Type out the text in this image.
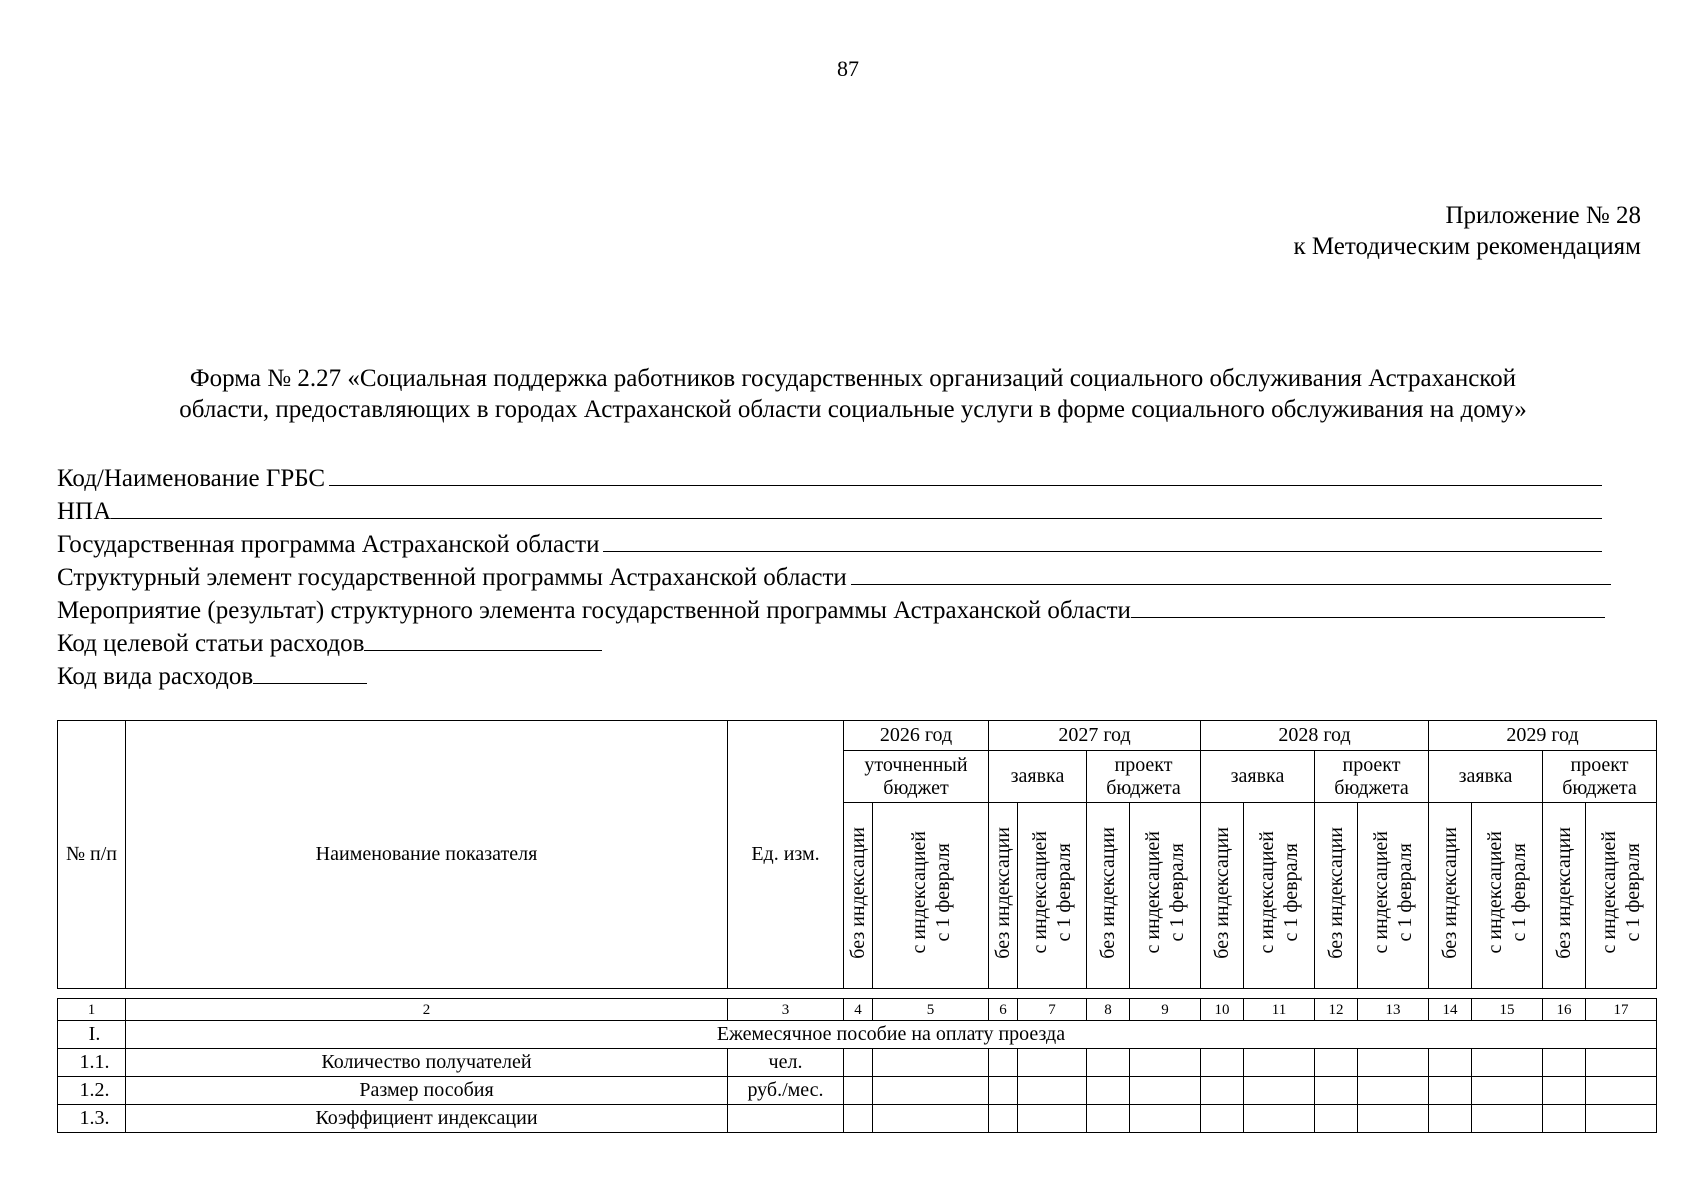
87
Приложение № 28
к Методическим рекомендациям
Форма № 2.27 «Социальная поддержка работников государственных организаций социального обслуживания Астраханской
области, предоставляющих в городах Астраханской области социальные услуги в форме социального обслуживания на дому»
Код/Наименование ГРБС
НПА
Государственная программа Астраханской области
Структурный элемент государственной программы Астраханской области
Мероприятие (результат) структурного элемента государственной программы Астраханской области
Код целевой статьи расходов
Код вида расходов
№ п/п	Наименование показателя	Ед. изм.	2026 год		2027 год				2028 год				2029 год			
			уточненный бюджет		заявка		проект бюджета		заявка		проект бюджета		заявка		проект бюджета	
			без индексации	с индексацией с 1 февраля	без индексации	с индексацией с 1 февраля	без индексации	с индексацией с 1 февраля	без индексации	с индексацией с 1 февраля	без индексации	с индексацией с 1 февраля	без индексации	с индексацией с 1 февраля	без индексации	с индексацией с 1 февраля

1	2	3	4	5	6	7	8	9	10	11	12	13	14	15	16	17
I.	Ежемесячное пособие на оплату проезда															
1.1.	Количество получателей	чел.														
1.2.	Размер пособия	руб./мес.														
1.3.	Коэффициент индексации															
